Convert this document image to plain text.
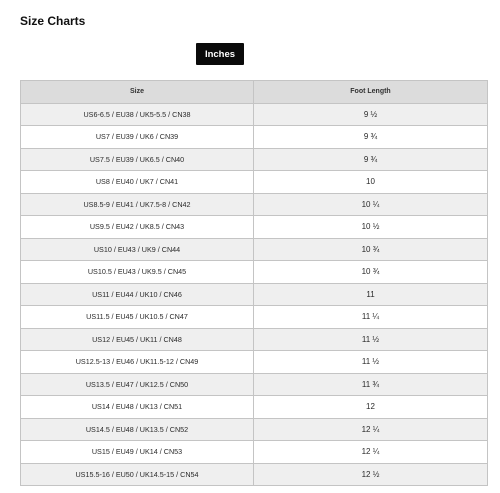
Size Charts
Inches
Size	Foot Length
US6-6.5 / EU38 / UK5-5.5 / CN38	9 ½
US7 / EU39 / UK6 / CN39	9 ¾
US7.5 / EU39 / UK6.5 / CN40	9 ¾
US8 / EU40 / UK7 / CN41	10
US8.5-9 / EU41 / UK7.5-8 / CN42	10 ¼
US9.5 / EU42 / UK8.5 / CN43	10 ½
US10 / EU43 / UK9 / CN44	10 ¾
US10.5 / EU43 / UK9.5 / CN45	10 ¾
US11 / EU44 / UK10 / CN46	11
US11.5 / EU45 / UK10.5 / CN47	11 ¼
US12 / EU45 / UK11 / CN48	11 ½
US12.5-13 / EU46 / UK11.5-12 / CN49	11 ½
US13.5 / EU47 / UK12.5 / CN50	11 ¾
US14 / EU48 / UK13 / CN51	12
US14.5 / EU48 / UK13.5 / CN52	12 ¼
US15 / EU49 / UK14 / CN53	12 ¼
US15.5-16 / EU50 / UK14.5-15 / CN54	12 ½
